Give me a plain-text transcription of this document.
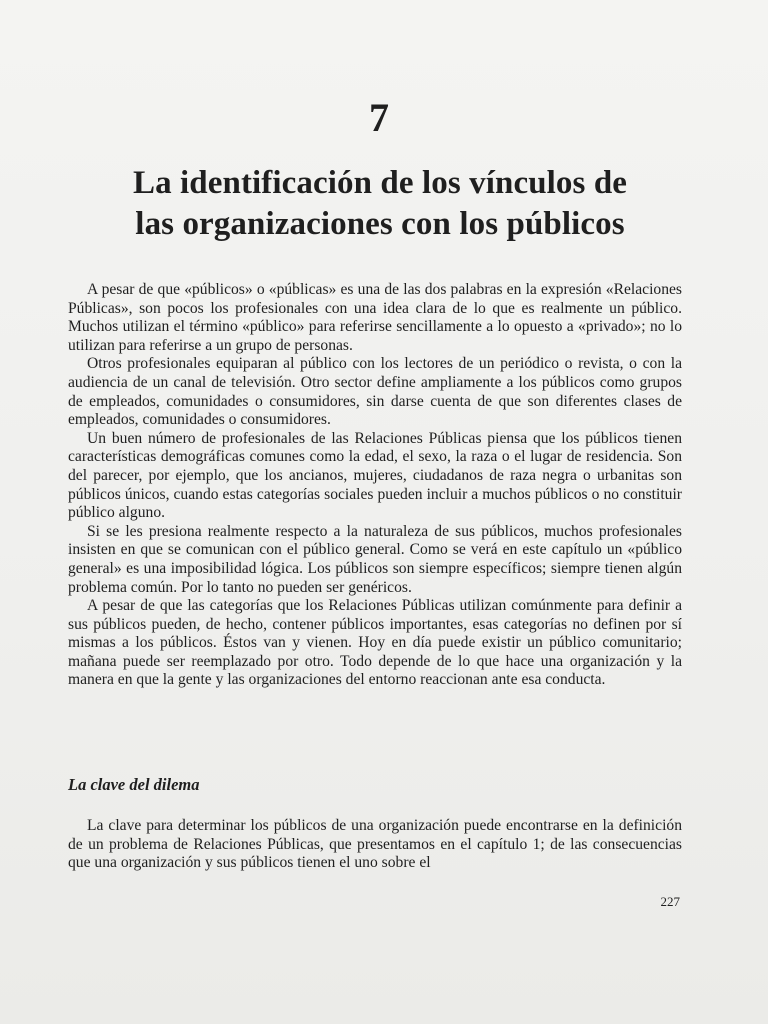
7
La identificación de los vínculos de
las organizaciones con los públicos

A pesar de que «públicos» o «públicas» es una de las dos palabras en la expresión «Relaciones Públicas», son pocos los profesionales con una idea clara de lo que es realmente un público. Muchos utilizan el término «público» para referirse sencillamente a lo opuesto a «privado»; no lo utilizan para referirse a un grupo de personas.

Otros profesionales equiparan al público con los lectores de un periódico o revista, o con la audiencia de un canal de televisión. Otro sector define ampliamente a los públicos como grupos de empleados, comunidades o consumidores, sin darse cuenta de que son diferentes clases de empleados, comunidades o consumidores.

Un buen número de profesionales de las Relaciones Públicas piensa que los públicos tienen características demográficas comunes como la edad, el sexo, la raza o el lugar de residencia. Son del parecer, por ejemplo, que los ancianos, mujeres, ciudadanos de raza negra o urbanitas son públicos únicos, cuando estas categorías sociales pueden incluir a muchos públicos o no constituir público alguno.

Si se les presiona realmente respecto a la naturaleza de sus públicos, muchos profesionales insisten en que se comunican con el público general. Como se verá en este capítulo un «público general» es una imposibilidad lógica. Los públicos son siempre específicos; siempre tienen algún problema común. Por lo tanto no pueden ser genéricos.

A pesar de que las categorías que los Relaciones Públicas utilizan comúnmente para definir a sus públicos pueden, de hecho, contener públicos importantes, esas categorías no definen por sí mismas a los públicos. Éstos van y vienen. Hoy en día puede existir un público comunitario; mañana puede ser reemplazado por otro. Todo depende de lo que hace una organización y la manera en que la gente y las organizaciones del entorno reaccionan ante esa conducta.

La clave del dilema

La clave para determinar los públicos de una organización puede encontrarse en la definición de un problema de Relaciones Públicas, que presentamos en el capítulo 1; de las consecuencias que una organización y sus públicos tienen el uno sobre el

227
